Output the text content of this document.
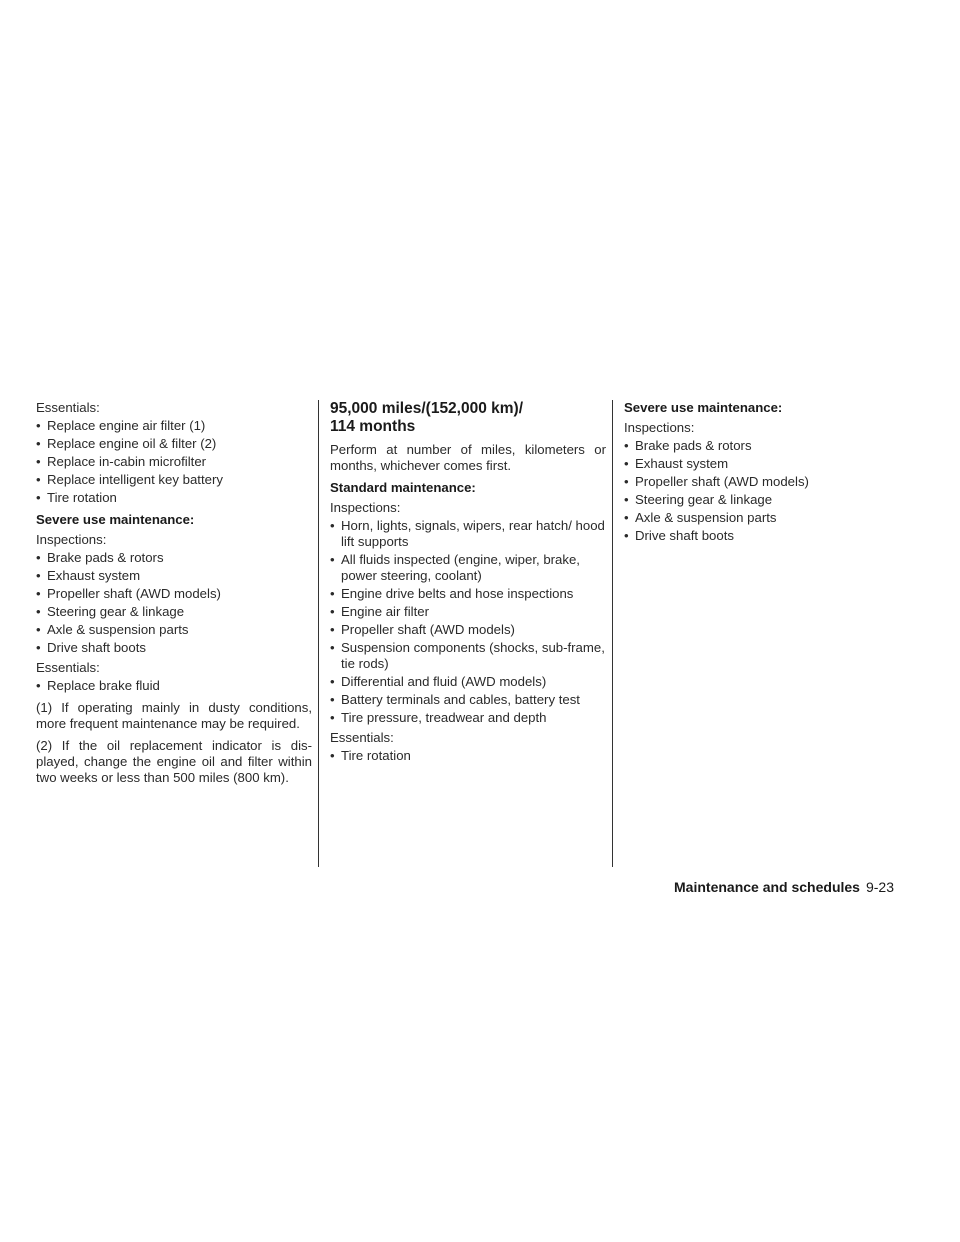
Essentials:

• Replace engine air filter (1)
• Replace engine oil & filter (2)
• Replace in-cabin microfilter
• Replace intelligent key battery
• Tire rotation

Severe use maintenance:

Inspections:

• Brake pads & rotors
• Exhaust system
• Propeller shaft (AWD models)
• Steering gear & linkage
• Axle & suspension parts
• Drive shaft boots

Essentials:

• Replace brake fluid

(1) If operating mainly in dusty conditions, more frequent maintenance may be required.

(2) If the oil replacement indicator is dis-played, change the engine oil and filter within two weeks or less than 500 miles (800 km).

95,000 miles/(152,000 km)/
114 months

Perform at number of miles, kilometers or months, whichever comes first.

Standard maintenance:

Inspections:

• Horn, lights, signals, wipers, rear hatch/ hood lift supports
• All fluids inspected (engine, wiper, brake, power steering, coolant)
• Engine drive belts and hose inspections
• Engine air filter
• Propeller shaft (AWD models)
• Suspension components (shocks, sub-frame, tie rods)
• Differential and fluid (AWD models)
• Battery terminals and cables, battery test
• Tire pressure, treadwear and depth

Essentials:

• Tire rotation

Severe use maintenance:

Inspections:

• Brake pads & rotors
• Exhaust system
• Propeller shaft (AWD models)
• Steering gear & linkage
• Axle & suspension parts
• Drive shaft boots
Maintenance and schedules 9-23
